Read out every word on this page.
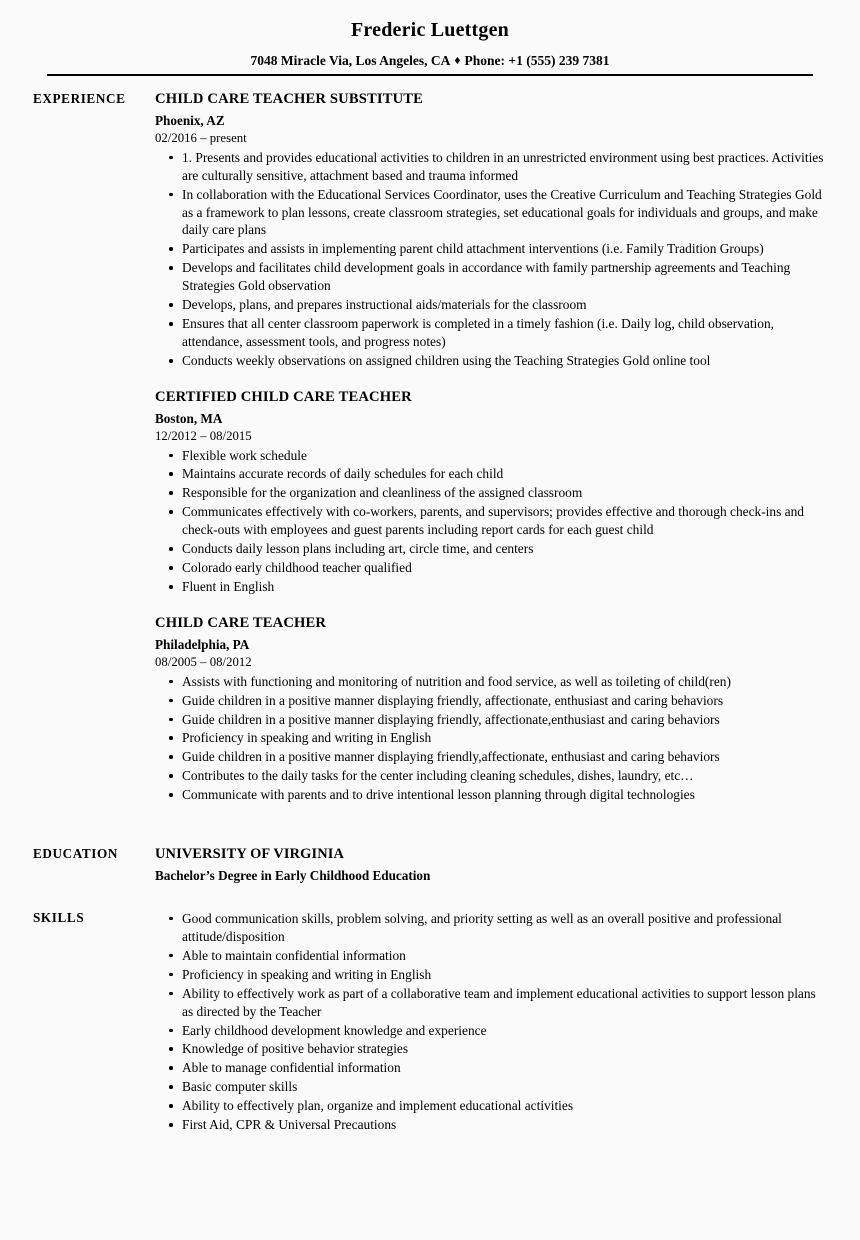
Frederic Luettgen
7048 Miracle Via, Los Angeles, CA ♦ Phone: +1 (555) 239 7381
EXPERIENCE	CHILD CARE TEACHER SUBSTITUTE
Phoenix, AZ
02/2016 – present
1. Presents and provides educational activities to children in an unrestricted environment using best practices. Activities are culturally sensitive, attachment based and trauma informed
In collaboration with the Educational Services Coordinator, uses the Creative Curriculum and Teaching Strategies Gold as a framework to plan lessons, create classroom strategies, set educational goals for individuals and groups, and make daily care plans
Participates and assists in implementing parent child attachment interventions (i.e. Family Tradition Groups)
Develops and facilitates child development goals in accordance with family partnership agreements and Teaching Strategies Gold observation
Develops, plans, and prepares instructional aids/materials for the classroom
Ensures that all center classroom paperwork is completed in a timely fashion (i.e. Daily log, child observation, attendance, assessment tools, and progress notes)
Conducts weekly observations on assigned children using the Teaching Strategies Gold online tool
CERTIFIED CHILD CARE TEACHER
Boston, MA
12/2012 – 08/2015
Flexible work schedule
Maintains accurate records of daily schedules for each child
Responsible for the organization and cleanliness of the assigned classroom
Communicates effectively with co-workers, parents, and supervisors; provides effective and thorough check-ins and check-outs with employees and guest parents including report cards for each guest child
Conducts daily lesson plans including art, circle time, and centers
Colorado early childhood teacher qualified
Fluent in English
CHILD CARE TEACHER
Philadelphia, PA
08/2005 – 08/2012
Assists with functioning and monitoring of nutrition and food service, as well as toileting of child(ren)
Guide children in a positive manner displaying friendly, affectionate, enthusiast and caring behaviors
Guide children in a positive manner displaying friendly, affectionate,enthusiast and caring behaviors
Proficiency in speaking and writing in English
Guide children in a positive manner displaying friendly,affectionate, enthusiast and caring behaviors
Contributes to the daily tasks for the center including cleaning schedules, dishes, laundry, etc…
Communicate with parents and to drive intentional lesson planning through digital technologies
EDUCATION	UNIVERSITY OF VIRGINIA
Bachelor’s Degree in Early Childhood Education
SKILLS	Good communication skills, problem solving, and priority setting as well as an overall positive and professional attitude/disposition
Able to maintain confidential information
Proficiency in speaking and writing in English
Ability to effectively work as part of a collaborative team and implement educational activities to support lesson plans as directed by the Teacher
Early childhood development knowledge and experience
Knowledge of positive behavior strategies
Able to manage confidential information
Basic computer skills
Ability to effectively plan, organize and implement educational activities
First Aid, CPR & Universal Precautions
